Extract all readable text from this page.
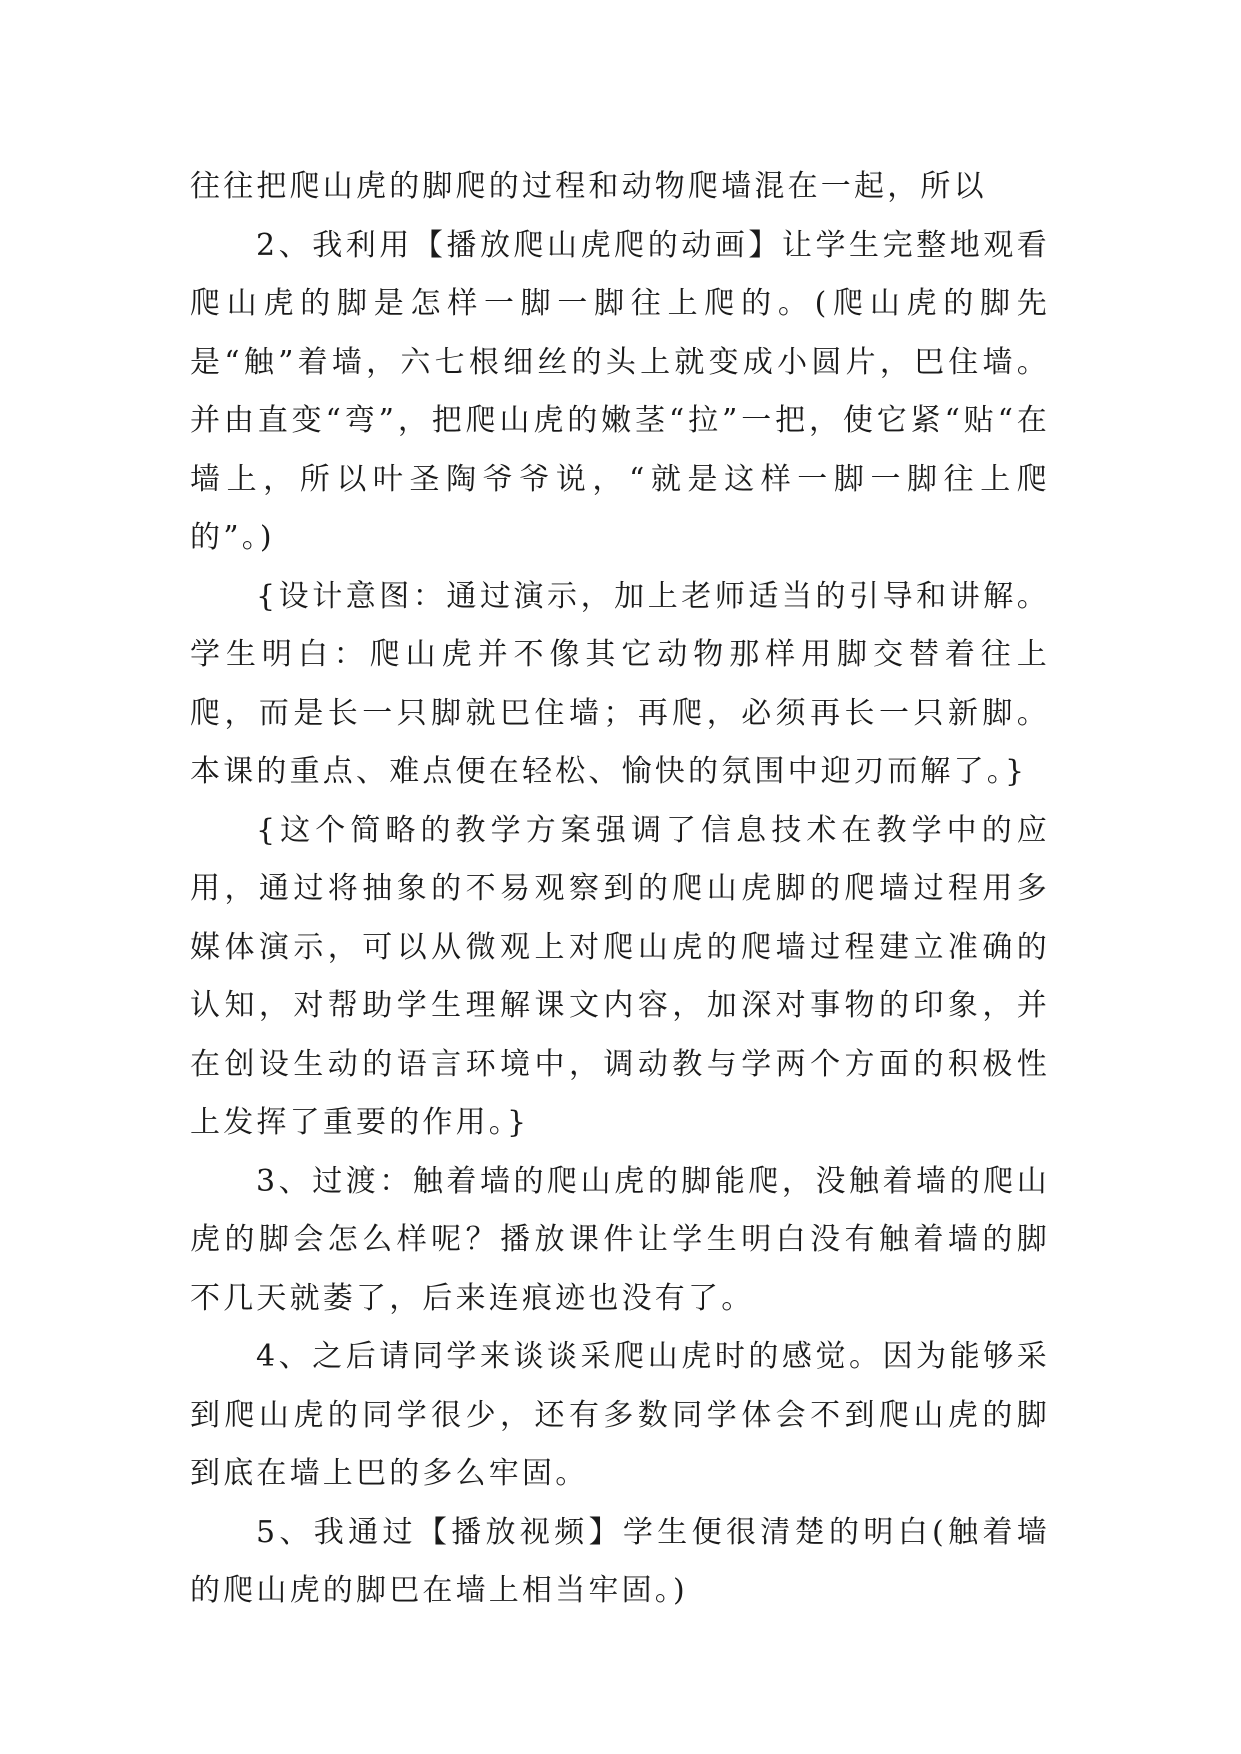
往往把爬山虎的脚爬的过程和动物爬墙混在一起，所以

2、我利用【播放爬山虎爬的动画】让学生完整地观看爬山虎的脚是怎样一脚一脚往上爬的。(爬山虎的脚先是“触”着墙，六七根细丝的头上就变成小圆片，巴住墙。并由直变“弯”，把爬山虎的嫩茎“拉”一把，使它紧“贴“在墙上，所以叶圣陶爷爷说，“就是这样一脚一脚往上爬的”。)

{设计意图：通过演示，加上老师适当的引导和讲解。学生明白：爬山虎并不像其它动物那样用脚交替着往上爬，而是长一只脚就巴住墙；再爬，必须再长一只新脚。本课的重点、难点便在轻松、愉快的氛围中迎刃而解了。}

{这个简略的教学方案强调了信息技术在教学中的应用，通过将抽象的不易观察到的爬山虎脚的爬墙过程用多媒体演示，可以从微观上对爬山虎的爬墙过程建立准确的认知，对帮助学生理解课文内容，加深对事物的印象，并在创设生动的语言环境中，调动教与学两个方面的积极性上发挥了重要的作用。}

3、过渡：触着墙的爬山虎的脚能爬，没触着墙的爬山虎的脚会怎么样呢？播放课件让学生明白没有触着墙的脚不几天就萎了，后来连痕迹也没有了。

4、之后请同学来谈谈采爬山虎时的感觉。因为能够采到爬山虎的同学很少，还有多数同学体会不到爬山虎的脚到底在墙上巴的多么牢固。

5、我通过【播放视频】学生便很清楚的明白(触着墙的爬山虎的脚巴在墙上相当牢固。)
